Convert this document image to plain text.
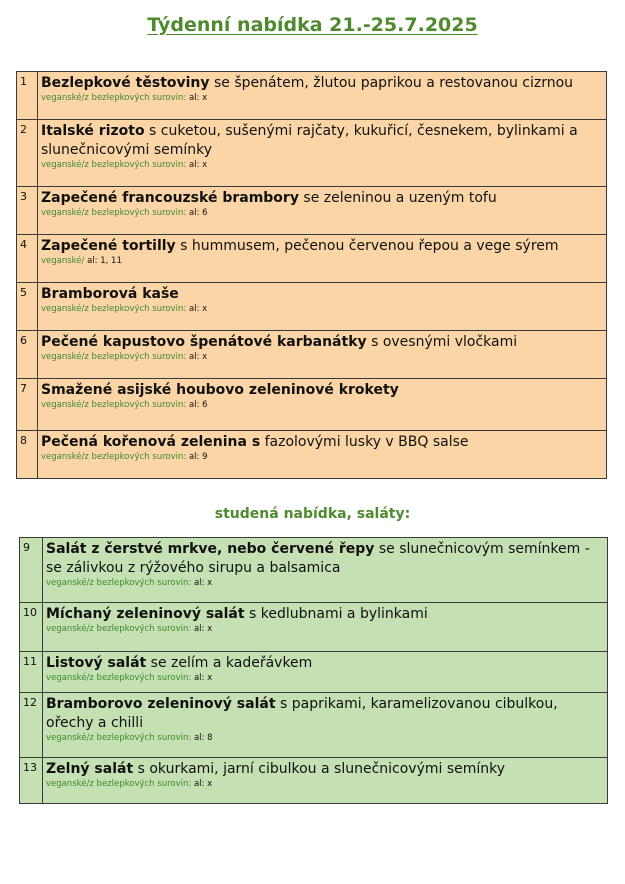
Týdenní nabídka 21.-25.7.2025
1	Bezlepkové těstoviny se špenátem, žlutou paprikou a restovanou cizrnou
veganské/z bezlepkových surovin: al: x

2	Italské rizoto s cuketou, sušenými rajčaty, kukuřicí, česnekem, bylinkami a slunečnicovými semínky
veganské/z bezlepkových surovin: al: x

3	Zapečené francouzské brambory se zeleninou a uzeným tofu
veganské/z bezlepkových surovin: al: 6

4	Zapečené tortilly s hummusem, pečenou červenou řepou a vege sýrem
veganské/ al: 1, 11

5	Bramborová kaše
veganské/z bezlepkových surovin: al: x

6	Pečené kapustovo špenátové karbanátky s ovesnými vločkami
veganské/z bezlepkových surovin: al: x

7	Smažené asijské houbovo zeleninové krokety
veganské/z bezlepkových surovin: al: 6

8	Pečená kořenová zelenina s fazolovými lusky v BBQ salse
veganské/z bezlepkových surovin: al: 9
studená nabídka, saláty:
9	Salát z čerstvé mrkve, nebo červené řepy se slunečnicovým semínkem - se zálivkou z rýžového sirupu a balsamica
veganské/z bezlepkových surovin: al: x

10	Míchaný zeleninový salát s kedlubnami a bylinkami
veganské/z bezlepkových surovin: al: x

11	Listový salát se zelím a kadeřávkem
veganské/z bezlepkových surovin: al: x

12	Bramborovo zeleninový salát s paprikami, karamelizovanou cibulkou, ořechy a chilli
veganské/z bezlepkových surovin: al: 8

13	Zelný salát s okurkami, jarní cibulkou a slunečnicovými semínky
veganské/z bezlepkových surovin: al: x
